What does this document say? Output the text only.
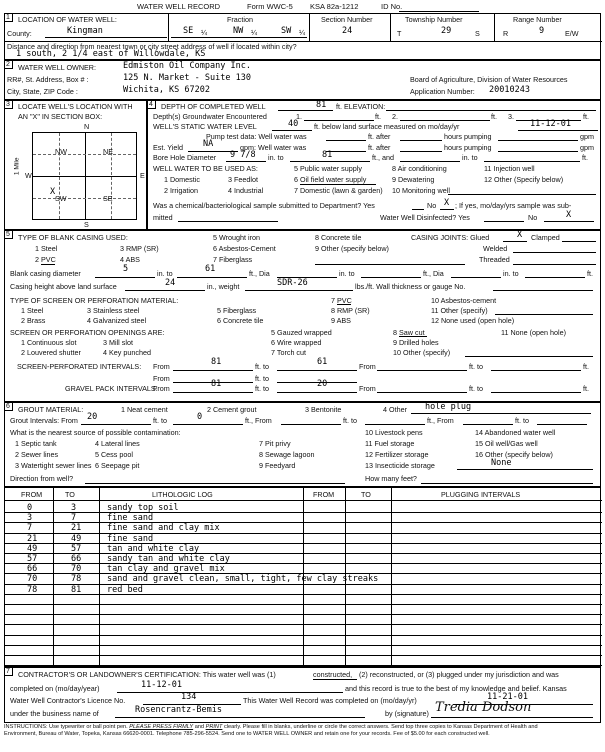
WATER WELL RECORD	Form WWC-5 KSA 82a-1212	ID No.
1	LOCATION OF WATER WELL:
County:	Kingman
Fraction
SE ¼	NW ¼	SW ¼
Section Number
24
Township Number
T	29	S
Range Number
R	9	E/W
Distance and direction from nearest town or city street address of well if located within city?
1 south, 2 1/4 east of Willowdale, KS
2	WATER WELL OWNER:	Edmiston Oil Company Inc.
RR#, St. Address, Box # :	125 N. Market - Suite 130
City, State, ZIP Code :	Wichita, KS 67202
Board of Agriculture, Division of Water Resources
Application Number: 20010243
3	LOCATE WELL'S LOCATION WITH
AN "X" IN SECTION BOX:
N
S
W	E
1 Mile
NW	NE
SW	SE
X
4	DEPTH OF COMPLETED WELL	81 ft. ELEVATION:
Depth(s) Groundwater Encountered	1.	ft. 2.	ft. 3.	ft.
WELL'S STATIC WATER LEVEL	40 ft. below land surface measured on mo/day/yr	11-12-01
Pump test data: Well water was	ft. after	hours pumping	gpm
Est. Yield NA	gpm: Well water was	ft. after	hours pumping	gpm
Bore Hole Diameter 9 7/8 in. to	81	ft., and	in. to	ft.
WELL WATER TO BE USED AS:	5 Public water supply	8 Air conditioning	11 Injection well
1 Domestic	3 Feedlot	6 Oil field water supply	9 Dewatering	12 Other (Specify below)
2 Irrigation	4 Industrial	7 Domestic (lawn & garden) 10 Monitoring well
Was a chemical/bacteriological sample submitted to Department? Yes	No X ; If yes, mo/day/yrs sample was sub-
mitted	Water Well Disinfected? Yes	No	X
5	TYPE OF BLANK CASING USED:	5 Wrought iron	8 Concrete tile	CASING JOINTS: Glued	X Clamped
1 Steel	3 RMP (SR)	6 Asbestos-Cement	9 Other (specify below)	Welded
2 PVC	4 ABS	7 Fiberglass	Threaded
Blank casing diameter	5	in. to	61	ft., Dia	in. to	ft., Dia	in. to	ft.
Casing height above land surface	24	in., weight	SDR-26	lbs./ft. Wall thickness or gauge No.
TYPE OF SCREEN OR PERFORATION MATERIAL:	7 PVC	10 Asbestos-cement
1 Steel	3 Stainless steel	5 Fiberglass	8 RMP (SR)	11 Other (specify)
2 Brass	4 Galvanized steel	6 Concrete tile	9 ABS	12 None used (open hole)
SCREEN OR PERFORATION OPENINGS ARE:	5 Gauzed wrapped	8 Saw cut	11 None (open hole)
1 Continuous slot	3 Mill slot	6 Wire wrapped	9 Drilled holes
2 Louvered shutter	4 Key punched	7 Torch cut	10 Other (specify)
SCREEN-PERFORATED INTERVALS: From	81	ft. to	61	From	ft. to	ft.
From	ft. to
GRAVEL PACK INTERVALS:
From	81	ft. to	20	From	ft. to	ft.
6	GROUT MATERIAL:	1 Neat cement	2 Cement grout	3 Bentonite	4 Other hole plug
Grout Intervals: From 20	ft. to	0	ft., From	ft. to	ft., From	ft. to
What is the nearest source of possible contamination:	10 Livestock pens	14 Abandoned water well
1 Septic tank	4 Lateral lines	7 Pit privy	11 Fuel storage	15 Oil well/Gas well
2 Sewer lines	5 Cess pool	8 Sewage lagoon	12 Fertilizer storage	16 Other (specify below)
3 Watertight sewer lines 6 Seepage pit	9 Feedyard	13 Insecticide storage	None
Direction from well?	How many feet?
FROM	TO	LITHOLOGIC LOG	FROM	TO	PLUGGING INTERVALS
0	3	sandy top soil
3	7	fine sand
7	21	fine sand and clay mix
21	49	fine sand
49	57	tan and white clay
57	66	sandy tan and white clay
66	70	tan clay and gravel mix
70	78	sand and gravel clean, small, tight, few clay streaks
78	81	red bed
7	CONTRACTOR'S OR LANDOWNER'S CERTIFICATION: This water well was (1)	constructed, (2) reconstructed, or (3) plugged under my jurisdiction and was
completed on (mo/day/year)	11-12-01	and this record is true to the best of my knowledge and belief. Kansas
Water Well Contractor's Licence No.	134	This Water Well Record was completed on (mo/day/yr)	11-21-01
under the business name of	Rosencrantz-Bemis	by (signature) Tredia Dodson
INSTRUCTIONS: Use typewriter or ball point pen. PLEASE PRESS FIRMLY and PRINT clearly. Please fill in blanks, underline or circle the correct answers. Send top three copies to Kansas Department of Health and
Environment, Bureau of Water, Topeka, Kansas 66620-0001. Telephone 785-296-5524. Send one to WATER WELL OWNER and retain one for your records. Fee of $5.00 for each constructed well.
